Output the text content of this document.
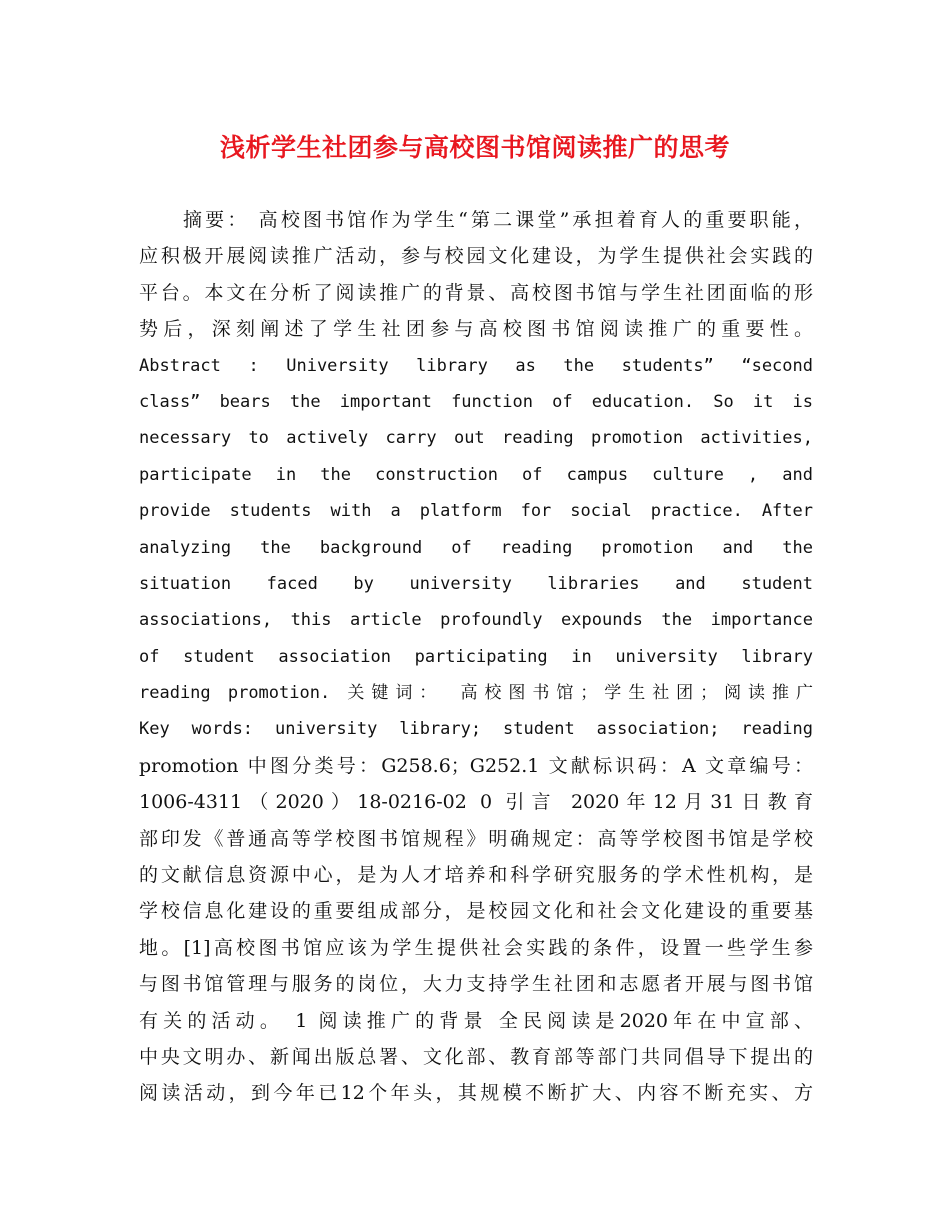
浅析学生社团参与高校图书馆阅读推广的思考
摘要： 高校图书馆作为学生“第二课堂”承担着育人的重要职能，
应积极开展阅读推广活动，参与校园文化建设，为学生提供社会实践的
平台。本文在分析了阅读推广的背景、高校图书馆与学生社团面临的形
势后，深刻阐述了学生社团参与高校图书馆阅读推广的重要性。
Abstract : University library as the students” “second
class” bears the important function of education. So it is
necessary to actively carry out reading promotion activities,
participate in the construction of campus culture , and
provide students with a platform for social practice. After
analyzing the background of reading promotion and the
situation faced by university libraries and student
associations, this article profoundly expounds the importance
of student association participating in university library
reading promotion. 关键词： 高校图书馆；学生社团；阅读推广
Key words: university library; student association; reading
promotion 中图分类号：G258.6；G252.1 文献标识码：A 文章编号：
1006-4311（2020）18-0216-02 0 引言 2020年12月31日教育
部印发《普通高等学校图书馆规程》明确规定：高等学校图书馆是学校
的文献信息资源中心，是为人才培养和科学研究服务的学术性机构，是
学校信息化建设的重要组成部分，是校园文化和社会文化建设的重要基
地。[1]高校图书馆应该为学生提供社会实践的条件，设置一些学生参
与图书馆管理与服务的岗位，大力支持学生社团和志愿者开展与图书馆
有关的活动。 1 阅读推广的背景 全民阅读是2020年在中宣部、
中央文明办、新闻出版总署、文化部、教育部等部门共同倡导下提出的
阅读活动，到今年已12个年头，其规模不断扩大、内容不断充实、方
